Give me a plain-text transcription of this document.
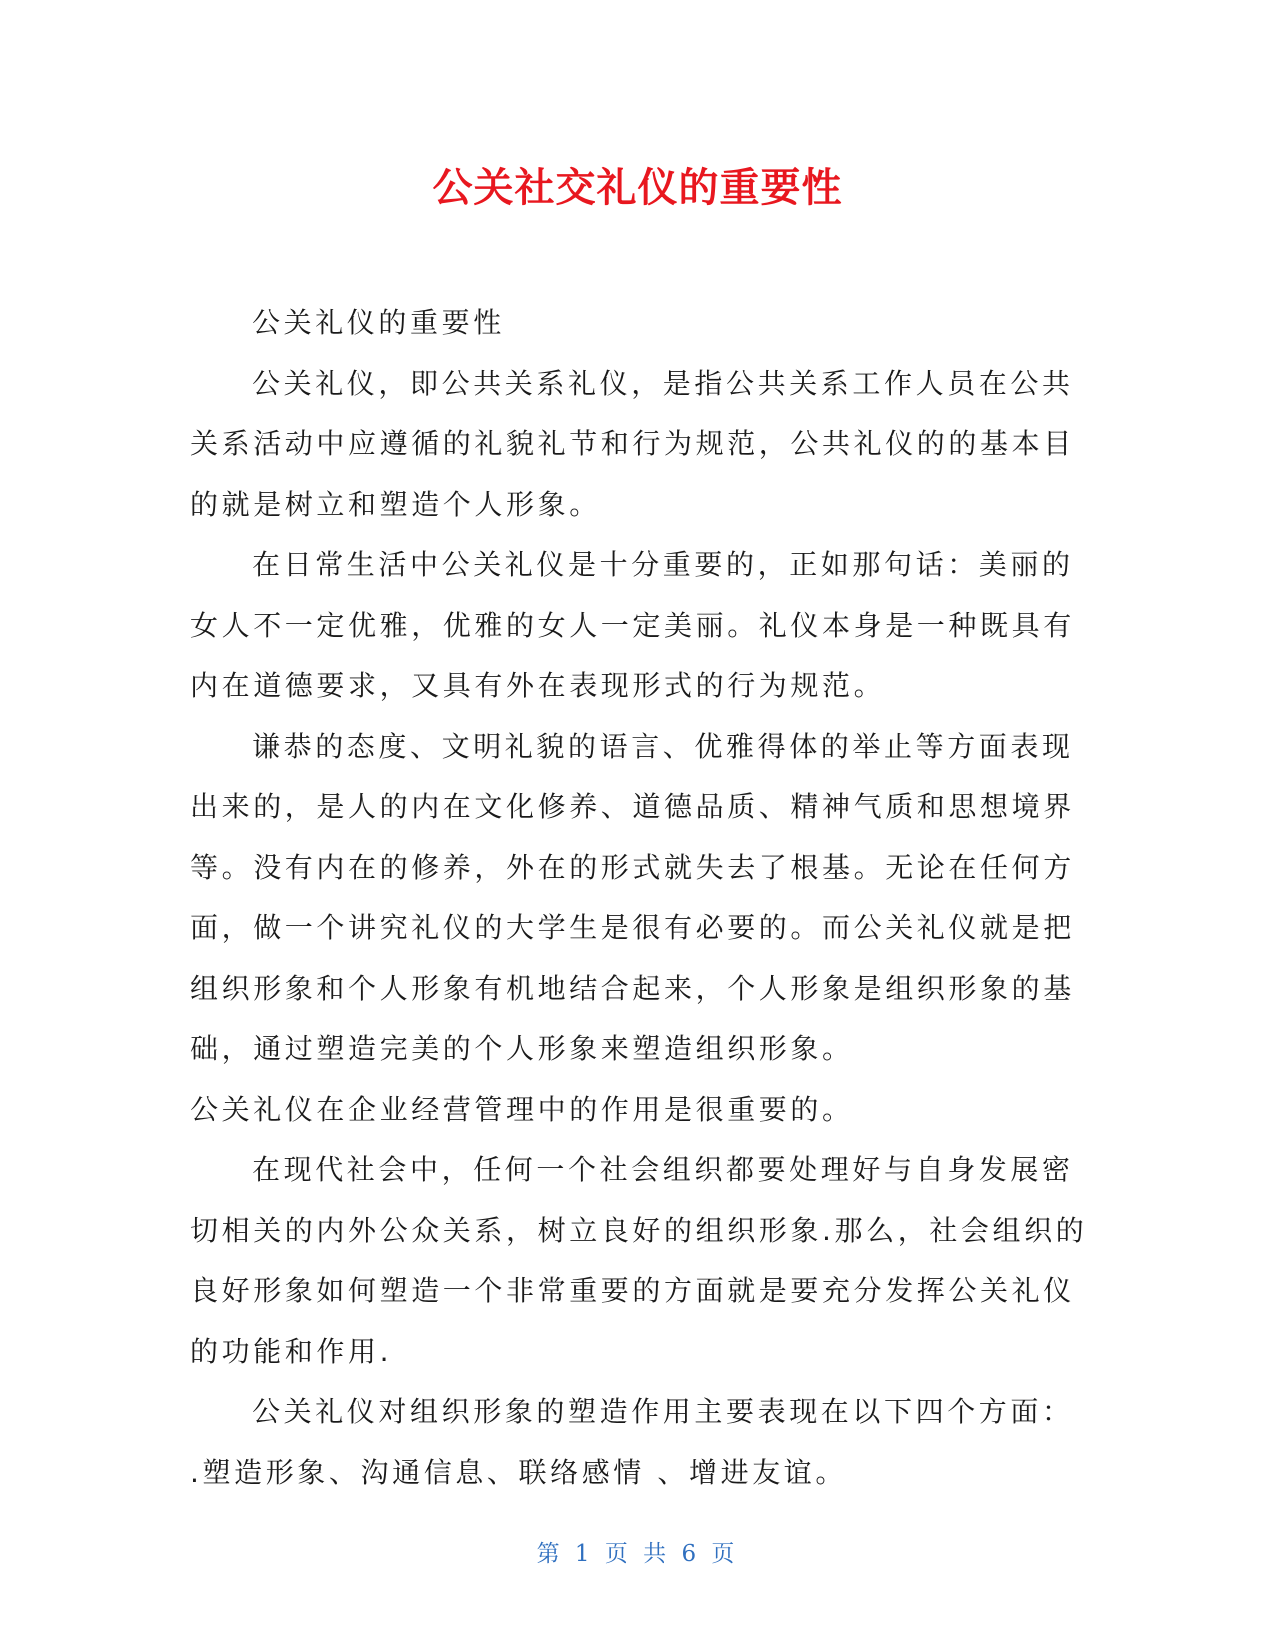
公关社交礼仪的重要性
公关礼仪的重要性
公关礼仪，即公共关系礼仪，是指公共关系工作人员在公共
关系活动中应遵循的礼貌礼节和行为规范，公共礼仪的的基本目
的就是树立和塑造个人形象。
在日常生活中公关礼仪是十分重要的，正如那句话：美丽的
女人不一定优雅，优雅的女人一定美丽。礼仪本身是一种既具有
内在道德要求，又具有外在表现形式的行为规范。
谦恭的态度、文明礼貌的语言、优雅得体的举止等方面表现
出来的，是人的内在文化修养、道德品质、精神气质和思想境界
等。没有内在的修养，外在的形式就失去了根基。无论在任何方
面，做一个讲究礼仪的大学生是很有必要的。而公关礼仪就是把
组织形象和个人形象有机地结合起来，个人形象是组织形象的基
础，通过塑造完美的个人形象来塑造组织形象。
公关礼仪在企业经营管理中的作用是很重要的。
在现代社会中，任何一个社会组织都要处理好与自身发展密
切相关的内外公众关系，树立良好的组织形象.那么，社会组织的
良好形象如何塑造一个非常重要的方面就是要充分发挥公关礼仪
的功能和作用.
公关礼仪对组织形象的塑造作用主要表现在以下四个方面：
.塑造形象、沟通信息、联络感情 、增进友谊。
第 1 页 共 6 页
